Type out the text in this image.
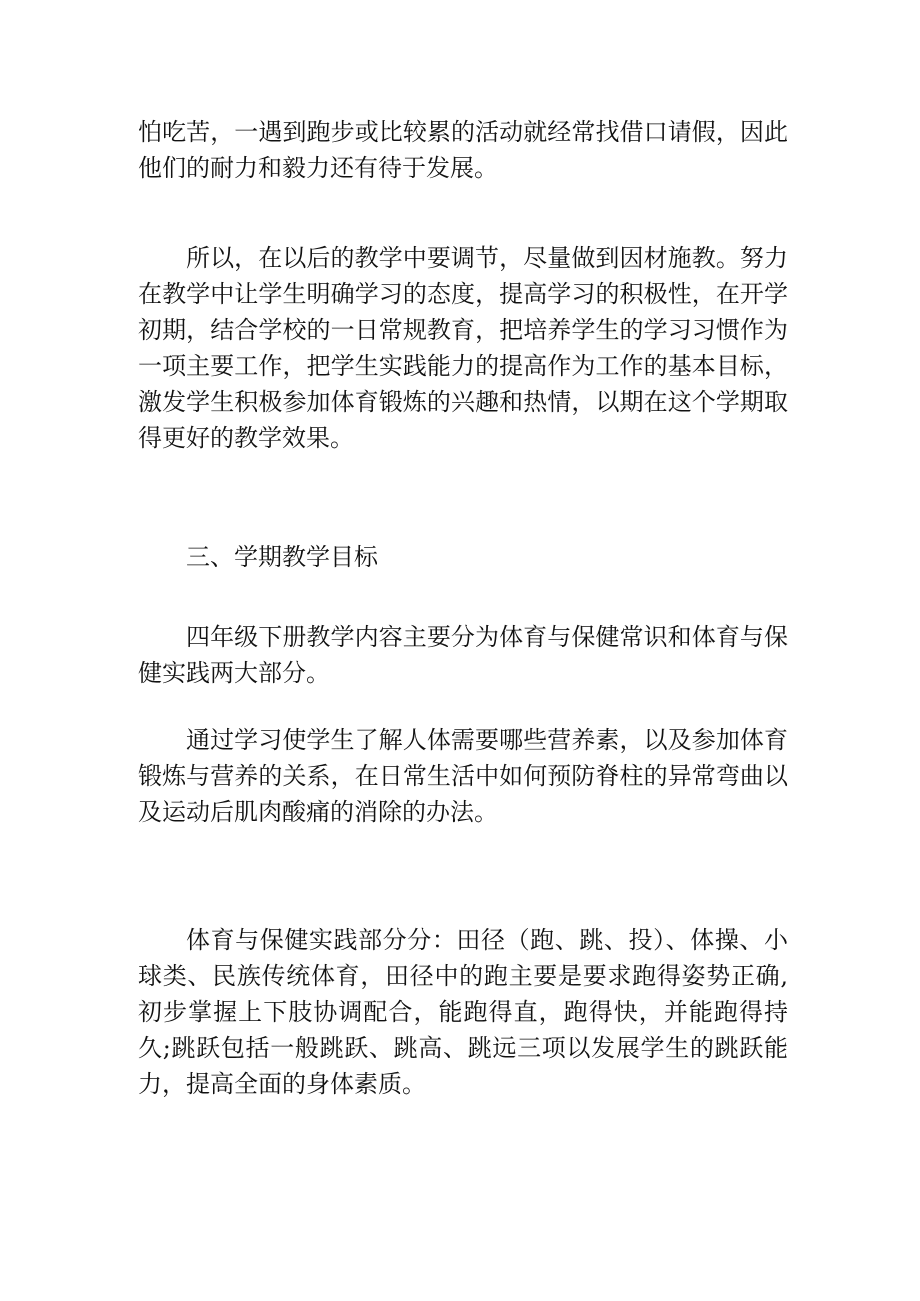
怕吃苦，一遇到跑步或比较累的活动就经常找借口请假，因此他们的耐力和毅力还有待于发展。

所以，在以后的教学中要调节，尽量做到因材施教。努力在教学中让学生明确学习的态度，提高学习的积极性，在开学初期，结合学校的一日常规教育，把培养学生的学习习惯作为一项主要工作，把学生实践能力的提高作为工作的基本目标，激发学生积极参加体育锻炼的兴趣和热情，以期在这个学期取得更好的教学效果。

三、学期教学目标

四年级下册教学内容主要分为体育与保健常识和体育与保健实践两大部分。

通过学习使学生了解人体需要哪些营养素，以及参加体育锻炼与营养的关系，在日常生活中如何预防脊柱的异常弯曲以及运动后肌肉酸痛的消除的办法。

体育与保健实践部分分：田径（跑、跳、投）、体操、小球类、民族传统体育，田径中的跑主要是要求跑得姿势正确,初步掌握上下肢协调配合，能跑得直，跑得快，并能跑得持久;跳跃包括一般跳跃、跳高、跳远三项以发展学生的跳跃能力，提高全面的身体素质。
